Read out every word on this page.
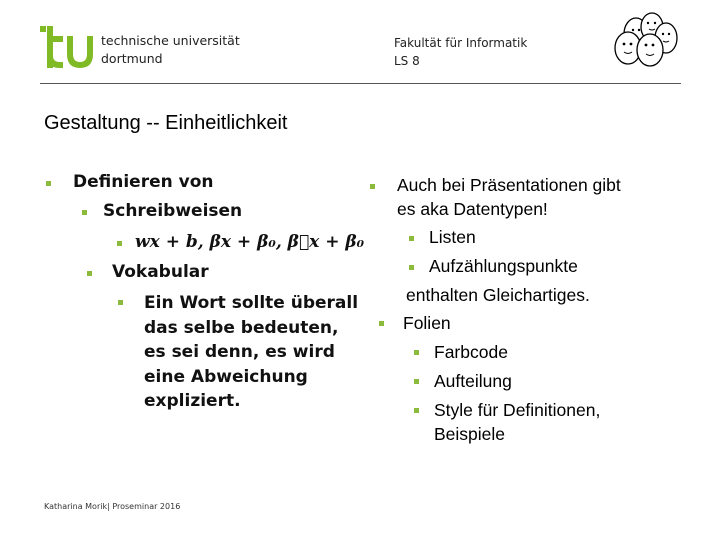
technische universität
dortmund
Fakultät für Informatik
LS 8
Gestaltung -- Einheitlichkeit
Definieren von
Schreibweisen
wx + b, βx + β₀, β⃗x + β₀
Vokabular
Ein Wort sollte überall das selbe bedeuten, es sei denn, es wird eine Abweichung expliziert.
Auch bei Präsentationen gibt
es aka Datentypen!
Listen
Aufzählungspunkte
enthalten Gleichartiges.
Folien
Farbcode
Aufteilung
Style für Definitionen,
Beispiele
Katharina Morik| Proseminar 2016
